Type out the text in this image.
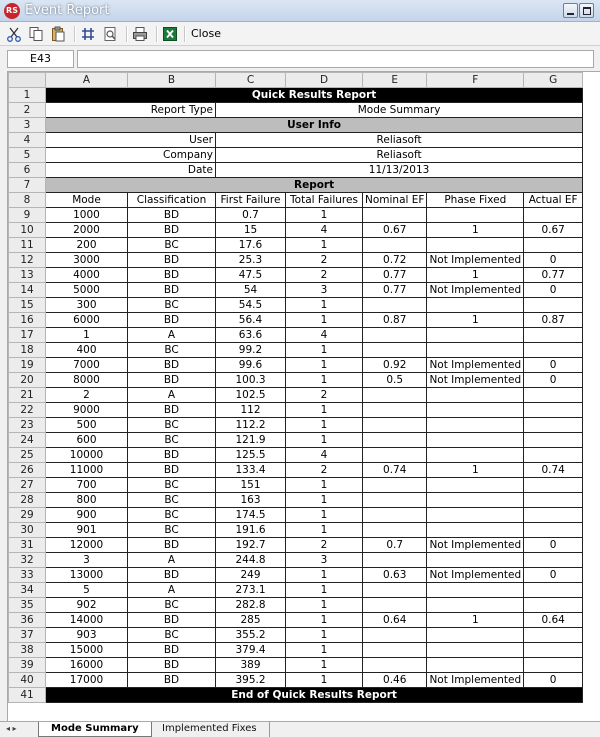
RS Event Report
Close
E43
	A	B	C	D	E	F	G
1	Quick Results Report						
2	Report Type		Mode Summary				
3	User Info						
4	User		Reliasoft				
5	Company		Reliasoft				
6	Date		11/13/2013				
7	Report						
8	Mode	Classification	First Failure	Total Failures	Nominal EF	Phase Fixed	Actual EF
9	1000	BD	0.7	1			
10	2000	BD	15	4	0.67	1	0.67
11	200	BC	17.6	1			
12	3000	BD	25.3	2	0.72	Not Implemented	0
13	4000	BD	47.5	2	0.77	1	0.77
14	5000	BD	54	3	0.77	Not Implemented	0
15	300	BC	54.5	1			
16	6000	BD	56.4	1	0.87	1	0.87
17	1	A	63.6	4			
18	400	BC	99.2	1			
19	7000	BD	99.6	1	0.92	Not Implemented	0
20	8000	BD	100.3	1	0.5	Not Implemented	0
21	2	A	102.5	2			
22	9000	BD	112	1			
23	500	BC	112.2	1			
24	600	BC	121.9	1			
25	10000	BD	125.5	4			
26	11000	BD	133.4	2	0.74	1	0.74
27	700	BC	151	1			
28	800	BC	163	1			
29	900	BC	174.5	1			
30	901	BC	191.6	1			
31	12000	BD	192.7	2	0.7	Not Implemented	0
32	3	A	244.8	3			
33	13000	BD	249	1	0.63	Not Implemented	0
34	5	A	273.1	1			
35	902	BC	282.8	1			
36	14000	BD	285	1	0.64	1	0.64
37	903	BC	355.2	1			
38	15000	BD	379.4	1			
39	16000	BD	389	1			
40	17000	BD	395.2	1	0.46	Not Implemented	0
41	End of Quick Results Report						
◂ ▸	Mode Summary	Implemented Fixes
